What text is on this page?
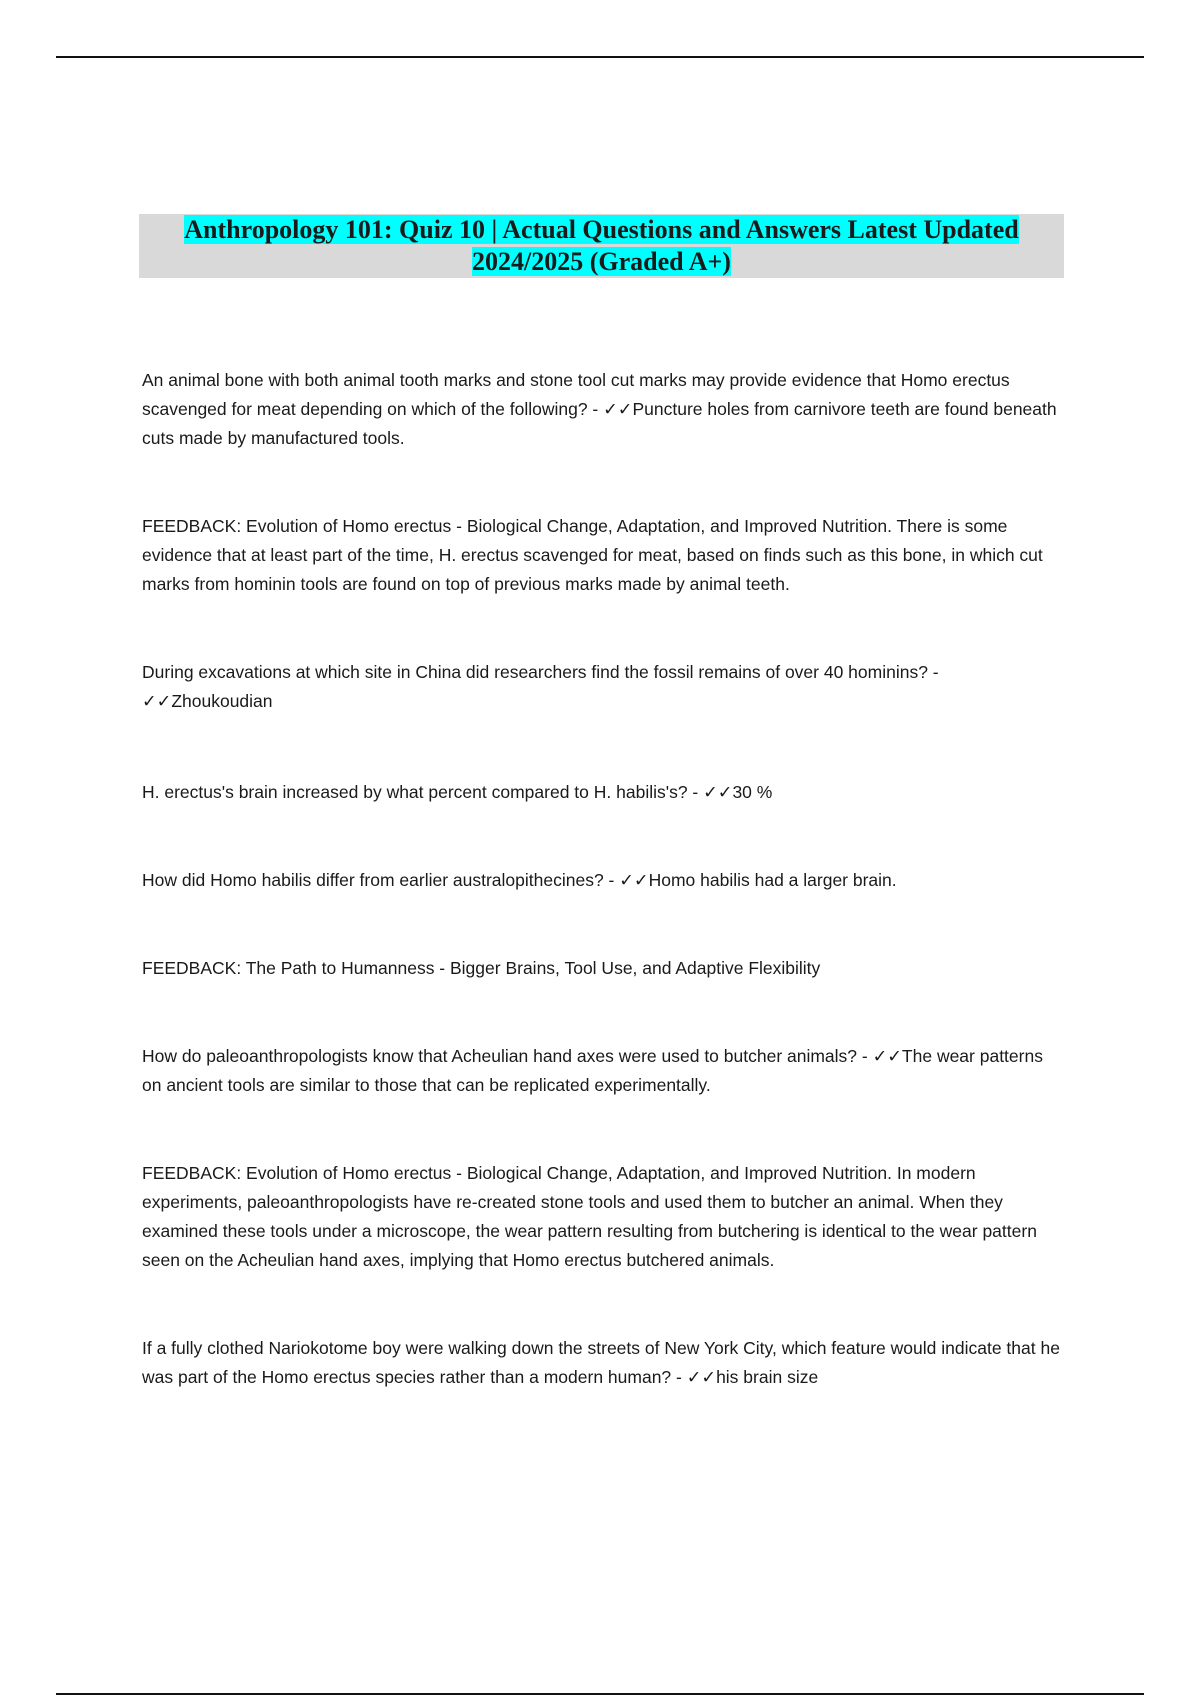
Anthropology 101: Quiz 10 | Actual Questions and Answers Latest Updated
2024/2025 (Graded A+)

An animal bone with both animal tooth marks and stone tool cut marks may provide evidence that Homo erectus scavenged for meat depending on which of the following? - ✓✓Puncture holes from carnivore teeth are found beneath cuts made by manufactured tools.

FEEDBACK: Evolution of Homo erectus - Biological Change, Adaptation, and Improved Nutrition. There is some evidence that at least part of the time, H. erectus scavenged for meat, based on finds such as this bone, in which cut marks from hominin tools are found on top of previous marks made by animal teeth.

During excavations at which site in China did researchers find the fossil remains of over 40 hominins? - ✓✓Zhoukoudian

H. erectus's brain increased by what percent compared to H. habilis's? - ✓✓30 %

How did Homo habilis differ from earlier australopithecines? - ✓✓Homo habilis had a larger brain.

FEEDBACK: The Path to Humanness - Bigger Brains, Tool Use, and Adaptive Flexibility

How do paleoanthropologists know that Acheulian hand axes were used to butcher animals? - ✓✓The wear patterns on ancient tools are similar to those that can be replicated experimentally.

FEEDBACK: Evolution of Homo erectus - Biological Change, Adaptation, and Improved Nutrition. In modern experiments, paleoanthropologists have re-created stone tools and used them to butcher an animal. When they examined these tools under a microscope, the wear pattern resulting from butchering is identical to the wear pattern seen on the Acheulian hand axes, implying that Homo erectus butchered animals.

If a fully clothed Nariokotome boy were walking down the streets of New York City, which feature would indicate that he was part of the Homo erectus species rather than a modern human? - ✓✓his brain size
